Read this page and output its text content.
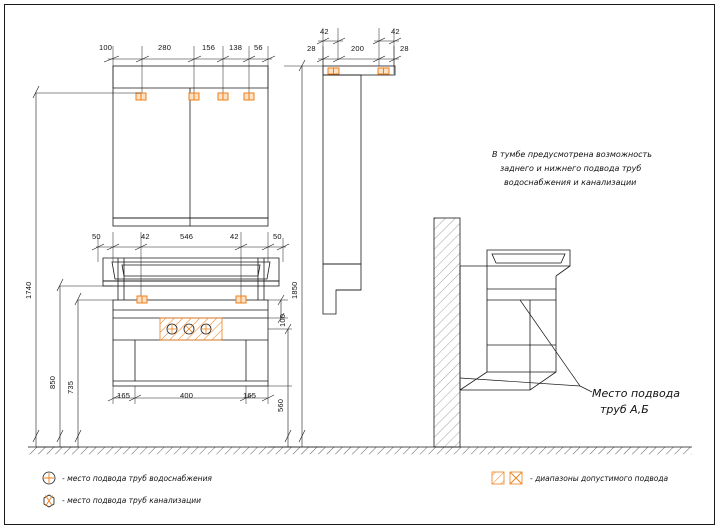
100	280	156 138 56
42	42
28	200	28
50	42	546	42	50
165	400	165
1740
850 735
1850
100
560
В тумбе предусмотрена возможность
заднего и нижнего подвода труб
водоснабжения и канализации
Место подвода
труб А,Б
- место подвода труб водоснабжения
- место подвода труб канализации
- диапазоны допустимого подвода
